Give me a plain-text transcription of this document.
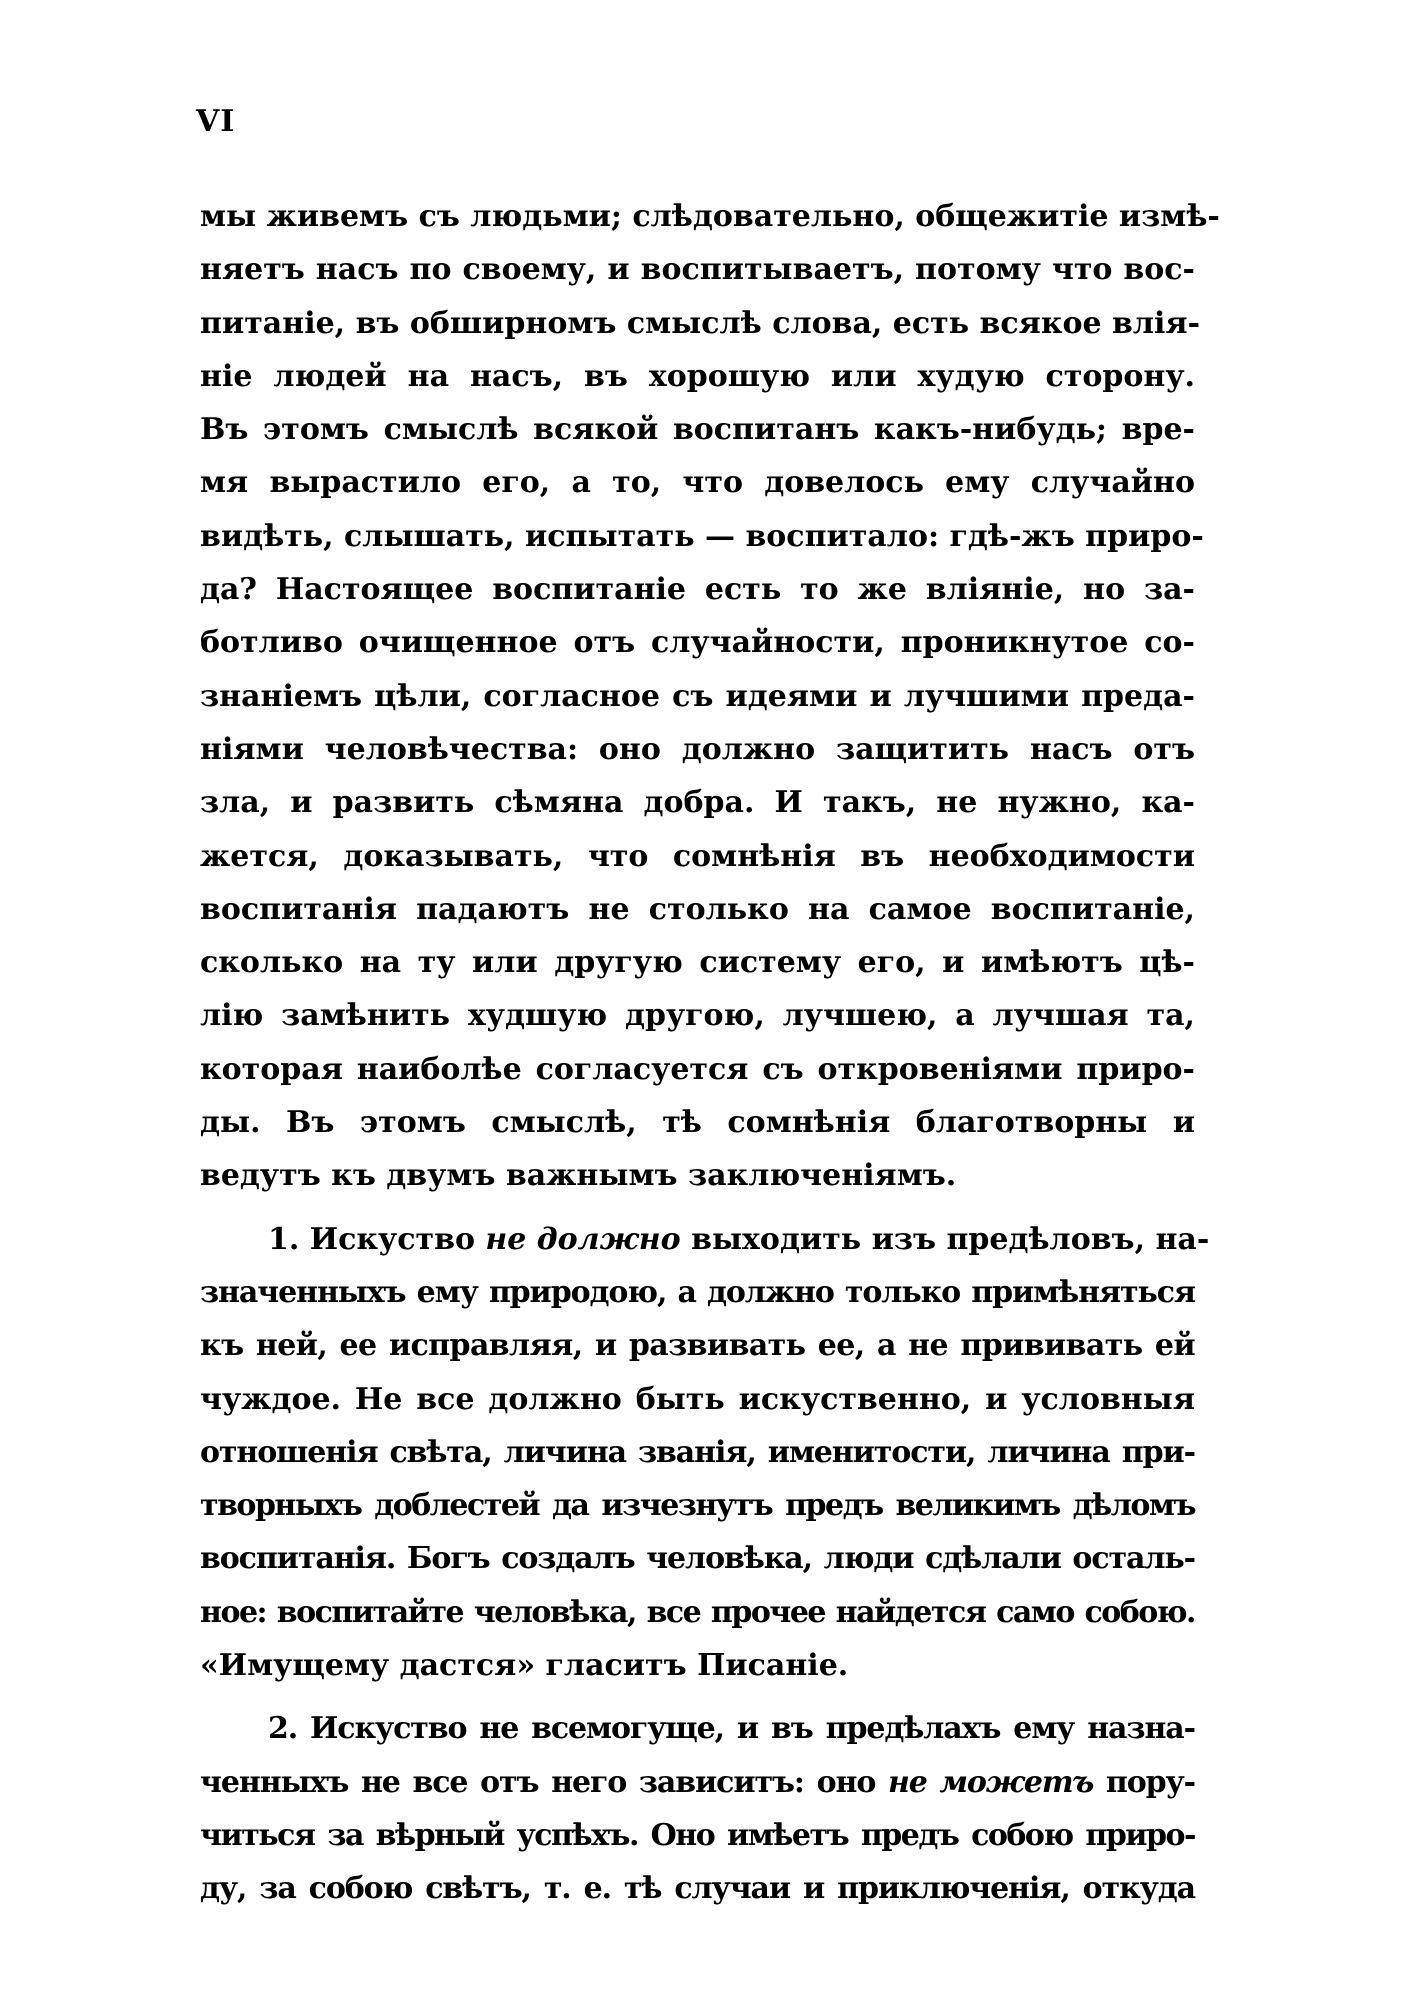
VI
мы живемъ съ людьми; слѣдовательно, общежитіе измѣ-
няетъ насъ по своему, и воспитываетъ, потому что вос-
питаніе, въ обширномъ смыслѣ слова, есть всякое влія-
ніе людей на насъ, въ хорошую или худую сторону.
Въ этомъ смыслѣ всякой воспитанъ какъ-нибудь; вре-
мя вырастило его, а то, что довелось ему случайно
видѣть, слышать, испытать — воспитало: гдѣ-жъ приро-
да? Настоящее воспитаніе есть то же вліяніе, но за-
ботливо очищенное отъ случайности, проникнутое со-
знаніемъ цѣли, согласное съ идеями и лучшими преда-
ніями человѣчества: оно должно защитить насъ отъ
зла, и развить сѣмяна добра. И такъ, не нужно, ка-
жется, доказывать, что сомнѣнія въ необходимости
воспитанія падаютъ не столько на самое воспитаніе,
сколько на ту или другую систему его, и имѣютъ цѣ-
лію замѣнить худшую другою, лучшею, а лучшая та,
которая наиболѣе согласуется съ откровеніями приро-
ды. Въ этомъ смыслѣ, тѣ сомнѣнія благотворны и
ведутъ къ двумъ важнымъ заключеніямъ.
1. Искуство не должно выходить изъ предѣловъ, на-
значенныхъ ему природою, а должно только примѣняться
къ ней, ее исправляя, и развивать ее, а не прививать ей
чуждое. Не все должно быть искуственно, и условныя
отношенія свѣта, личина званія, именитости, личина при-
творныхъ доблестей да изчезнутъ предъ великимъ дѣломъ
воспитанія. Богъ создалъ человѣка, люди сдѣлали осталь-
ное: воспитайте человѣка, все прочее найдется само собою.
«Имущему дастся» гласитъ Писаніе.
2. Искуство не всемогуще, и въ предѣлахъ ему назна-
ченныхъ не все отъ него зависитъ: оно не можетъ пору-
читься за вѣрный успѣхъ. Оно имѣетъ предъ собою приро-
ду, за собою свѣтъ, т. е. тѣ случаи и приключенія, откуда
